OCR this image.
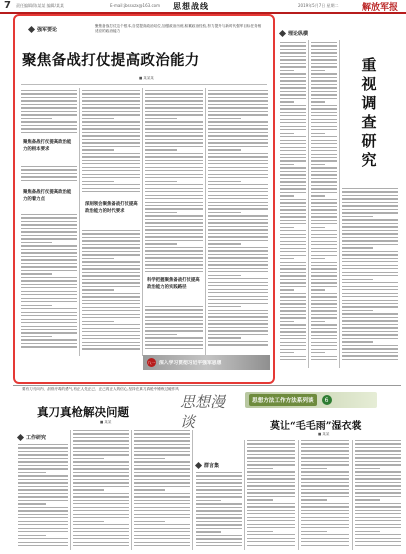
7 责任编辑/陈某某 编辑/某某	E-mail:jbssxzx@163.com 思想战线	2019年5月7日 星期二	解放军报
强军要论
聚焦备战打仗这个根本,自觉提高政治站位,加强政治历练,积累政治经验,努力提升与新时代强军目标任务相适应的政治能力
聚焦备战打仗提高政治能力
■ 某某某
聚焦备战打仗提高政治能力的根本要求
聚焦备战打仗提高政治能力的着力点
深刻领会聚焦备战打仗提高政治能力的时代要求
科学把握聚焦备战打仗提高政治能力的实践路径
八一 深入学习贯彻习近平强军思想
理论纵横
重视调查研究
要有刀刃向内、刮骨疗毒的勇气,有正人先正己、正己再正人的信心,坚持在真刀真枪中锤炼过硬作风
真刀真枪解决问题
■ 某某
工作研究
群言集
思想漫谈
思想方法工作方法系列谈	6
莫让“毛毛雨”湿衣裳
■ 某某
